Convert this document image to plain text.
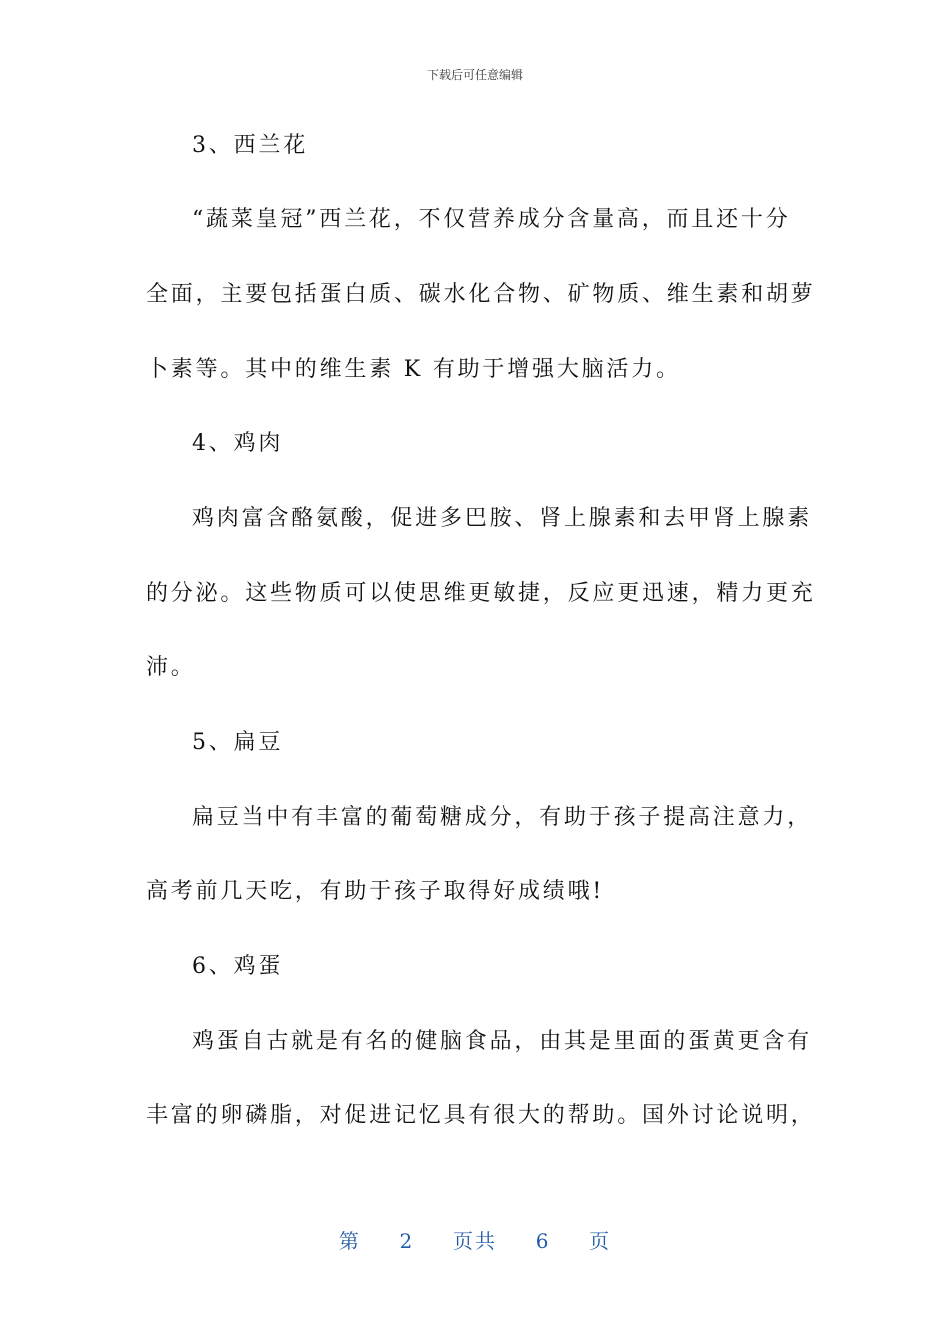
下载后可任意编辑
3、西兰花
“蔬菜皇冠”西兰花，不仅营养成分含量高，而且还十分
全面，主要包括蛋白质、碳水化合物、矿物质、维生素和胡萝
卜素等。其中的维生素 K 有助于增强大脑活力。
4、鸡肉
鸡肉富含酪氨酸，促进多巴胺、肾上腺素和去甲肾上腺素
的分泌。这些物质可以使思维更敏捷，反应更迅速，精力更充
沛。
5、扁豆
扁豆当中有丰富的葡萄糖成分，有助于孩子提高注意力，
高考前几天吃，有助于孩子取得好成绩哦!
6、鸡蛋
鸡蛋自古就是有名的健脑食品，由其是里面的蛋黄更含有
丰富的卵磷脂，对促进记忆具有很大的帮助。国外讨论说明，
第 2 页共 6 页
